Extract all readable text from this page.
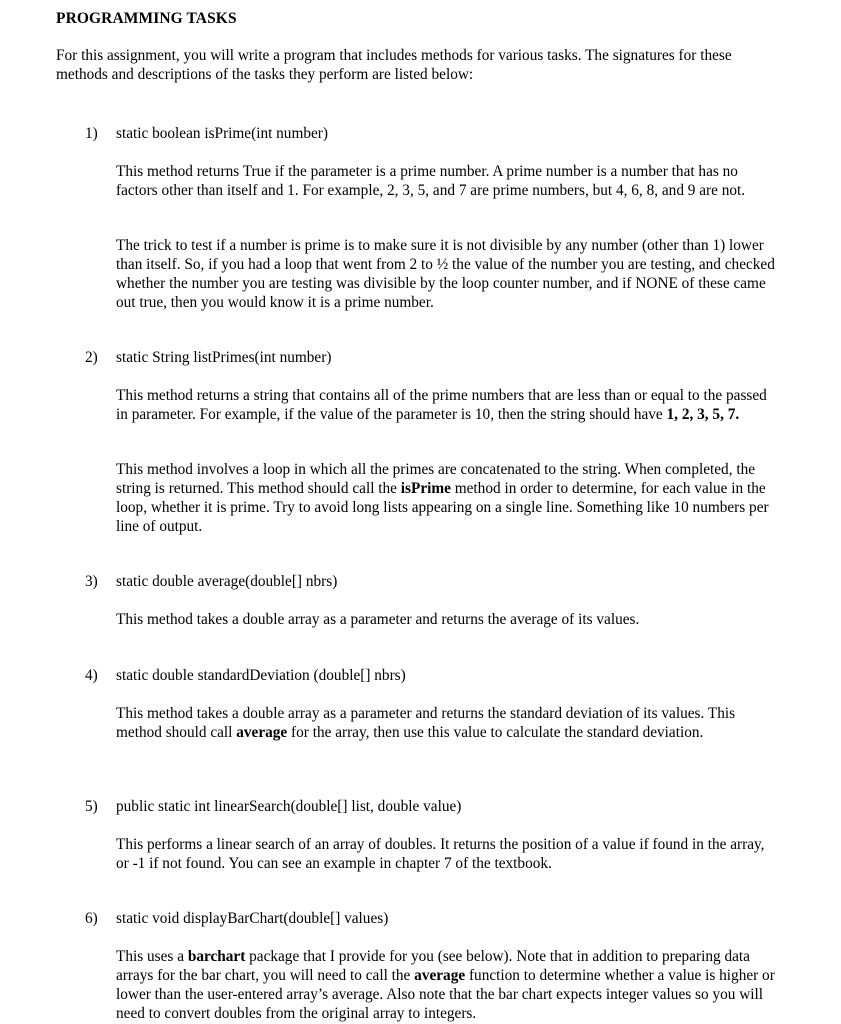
PROGRAMMING TASKS

For this assignment, you will write a program that includes methods for various tasks. The signatures for these methods and descriptions of the tasks they perform are listed below:

1) static boolean isPrime(int number)

This method returns True if the parameter is a prime number. A prime number is a number that has no factors other than itself and 1. For example, 2, 3, 5, and 7 are prime numbers, but 4, 6, 8, and 9 are not.

The trick to test if a number is prime is to make sure it is not divisible by any number (other than 1) lower than itself. So, if you had a loop that went from 2 to ½ the value of the number you are testing, and checked whether the number you are testing was divisible by the loop counter number, and if NONE of these came out true, then you would know it is a prime number.

2) static String listPrimes(int number)

This method returns a string that contains all of the prime numbers that are less than or equal to the passed in parameter. For example, if the value of the parameter is 10, then the string should have 1, 2, 3, 5, 7.

This method involves a loop in which all the primes are concatenated to the string. When completed, the string is returned. This method should call the isPrime method in order to determine, for each value in the loop, whether it is prime. Try to avoid long lists appearing on a single line. Something like 10 numbers per line of output.

3) static double average(double[] nbrs)

This method takes a double array as a parameter and returns the average of its values.

4) static double standardDeviation (double[] nbrs)

This method takes a double array as a parameter and returns the standard deviation of its values. This method should call average for the array, then use this value to calculate the standard deviation.

5) public static int linearSearch(double[] list, double value)

This performs a linear search of an array of doubles. It returns the position of a value if found in the array, or -1 if not found. You can see an example in chapter 7 of the textbook.

6) static void displayBarChart(double[] values)

This uses a barchart package that I provide for you (see below). Note that in addition to preparing data arrays for the bar chart, you will need to call the average function to determine whether a value is higher or lower than the user-entered array’s average. Also note that the bar chart expects integer values so you will need to convert doubles from the original array to integers.
